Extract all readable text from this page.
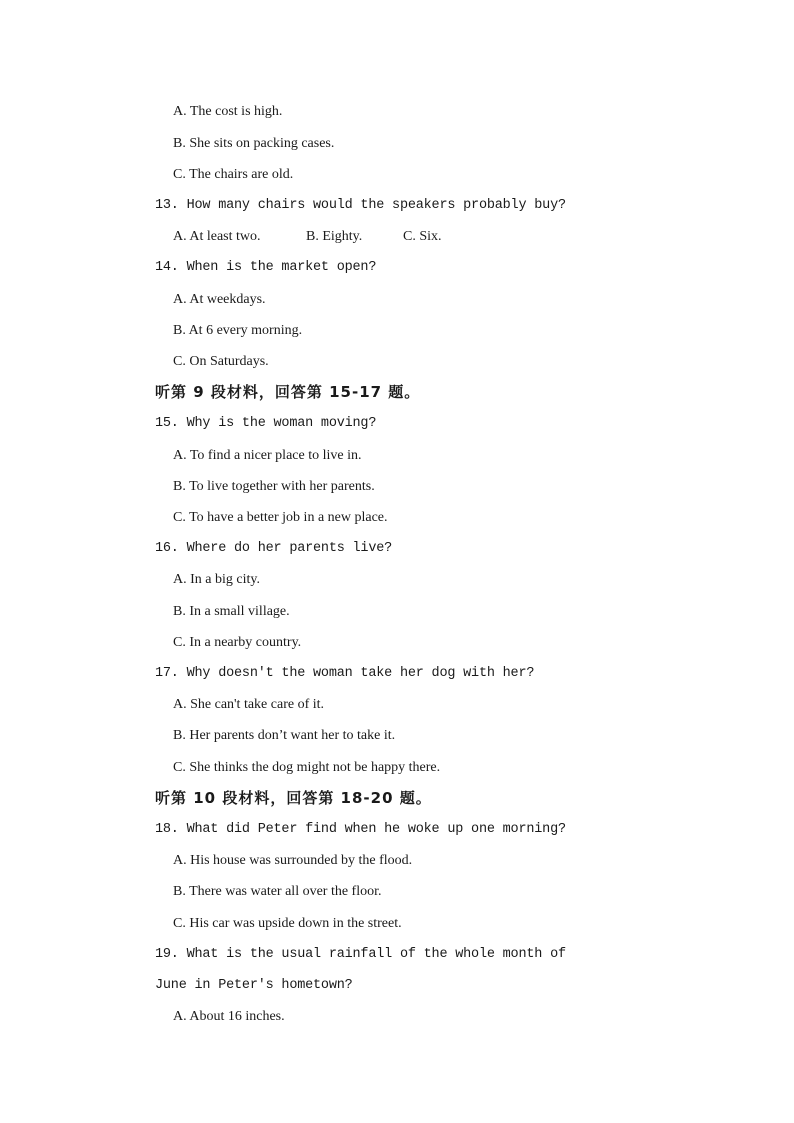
A. The cost is high.
B. She sits on packing cases.
C. The chairs are old.
13. How many chairs would the speakers probably buy?
A. At least two.	B. Eighty.	C. Six.
14. When is the market open?
A. At weekdays.
B. At 6 every morning.
C. On Saturdays.
听第 9 段材料，回答第 15-17 题。
15. Why is the woman moving?
A. To find a nicer place to live in.
B. To live together with her parents.
C. To have a better job in a new place.
16. Where do her parents live?
A. In a big city.
B. In a small village.
C. In a nearby country.
17. Why doesn't the woman take her dog with her?
A. She can't take care of it.
B. Her parents don’t want her to take it.
C. She thinks the dog might not be happy there.
听第 10 段材料，回答第 18-20 题。
18. What did Peter find when he woke up one morning?
A. His house was surrounded by the flood.
B. There was water all over the floor.
C. His car was upside down in the street.
19. What is the usual rainfall of the whole month of
June in Peter's hometown?
A. About 16 inches.
